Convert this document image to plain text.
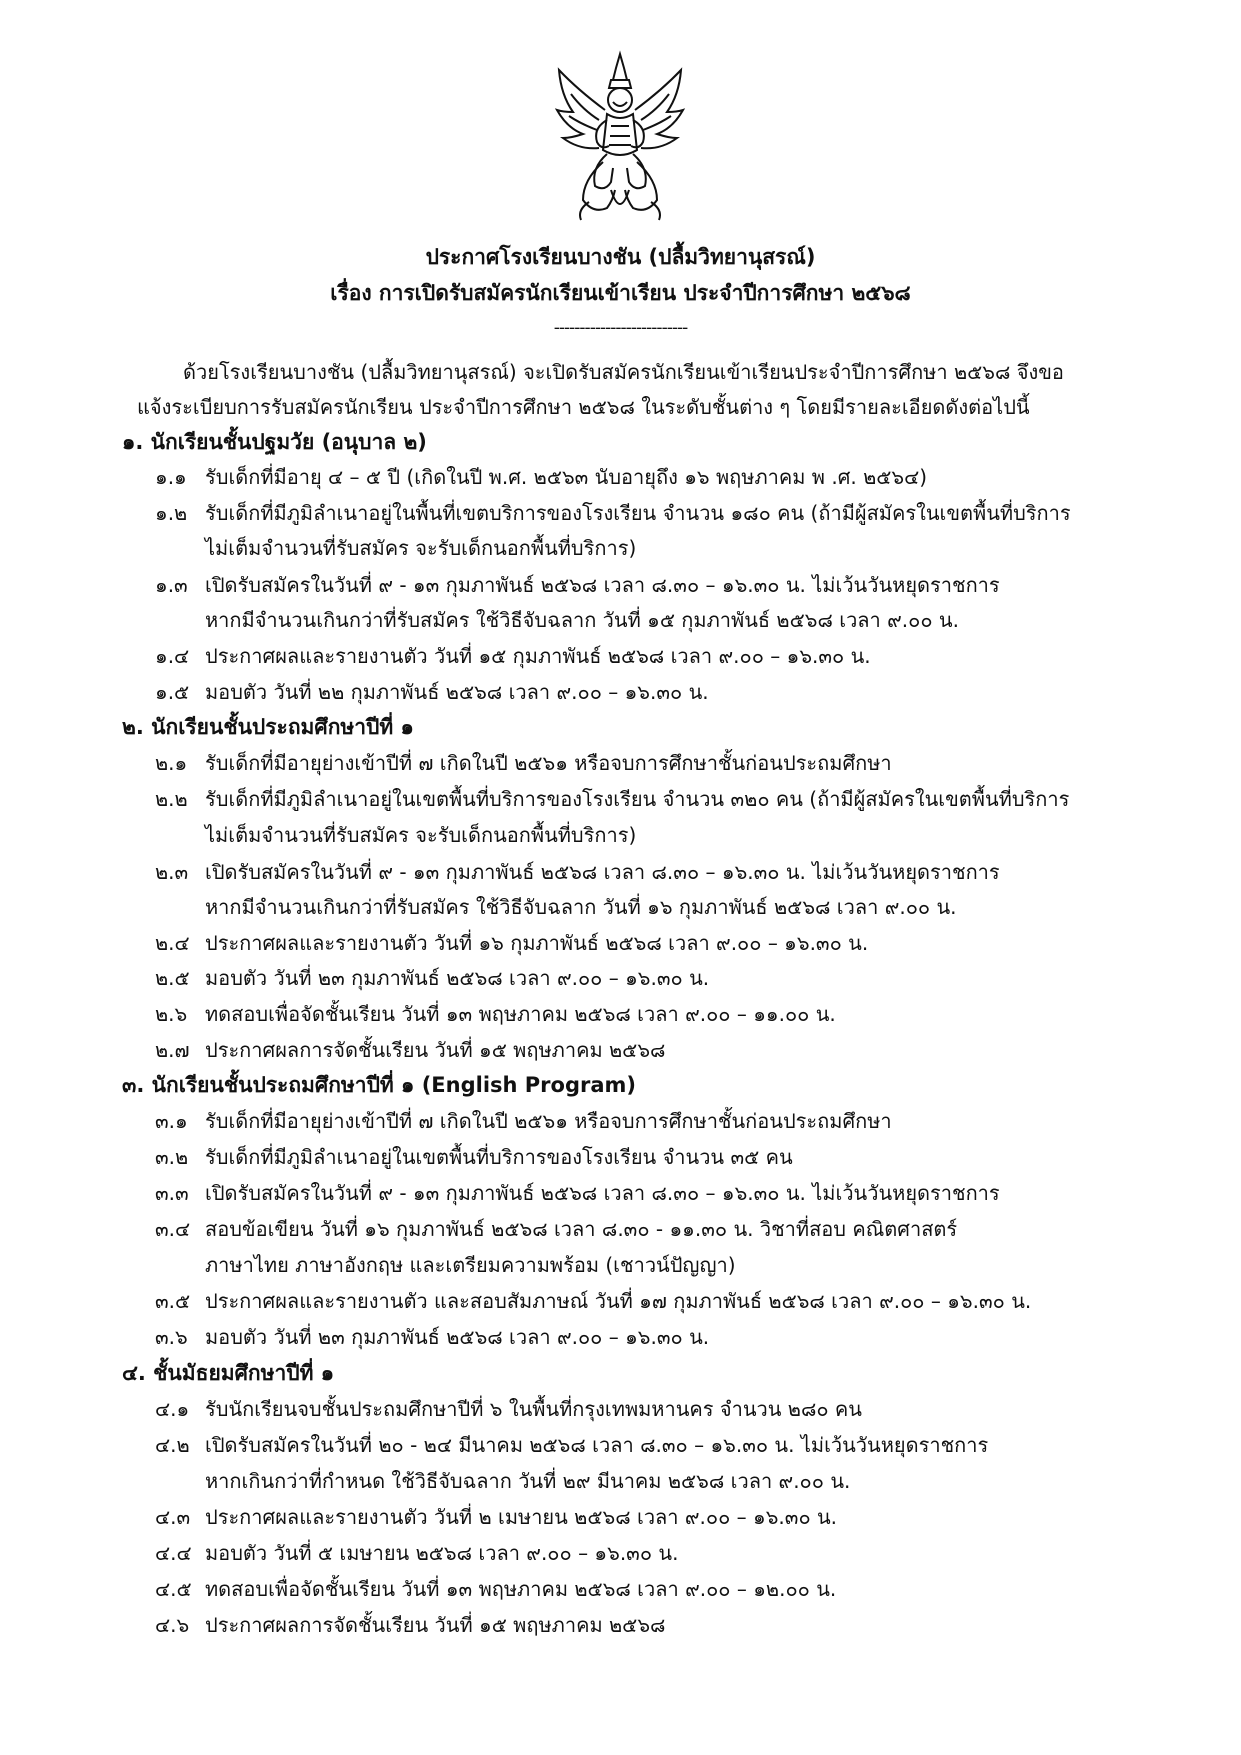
ประกาศโรงเรียนบางชัน (ปลื้มวิทยานุสรณ์)
เรื่อง การเปิดรับสมัครนักเรียนเข้าเรียน ประจำปีการศึกษา ๒๕๖๘
--------------------------
ด้วยโรงเรียนบางชัน (ปลื้มวิทยานุสรณ์) จะเปิดรับสมัครนักเรียนเข้าเรียนประจำปีการศึกษา ๒๕๖๘ จึงขอ
แจ้งระเบียบการรับสมัครนักเรียน ประจำปีการศึกษา ๒๕๖๘ ในระดับชั้นต่าง ๆ โดยมีรายละเอียดดังต่อไปนี้
๑. นักเรียนชั้นปฐมวัย (อนุบาล ๒)
๑.๑ รับเด็กที่มีอายุ ๔ – ๕ ปี (เกิดในปี พ.ศ. ๒๕๖๓ นับอายุถึง ๑๖ พฤษภาคม พ .ศ. ๒๕๖๔)
๑.๒ รับเด็กที่มีภูมิลำเนาอยู่ในพื้นที่เขตบริการของโรงเรียน จำนวน ๑๘๐ คน (ถ้ามีผู้สมัครในเขตพื้นที่บริการ
ไม่เต็มจำนวนที่รับสมัคร จะรับเด็กนอกพื้นที่บริการ)
๑.๓ เปิดรับสมัครในวันที่ ๙ - ๑๓ กุมภาพันธ์ ๒๕๖๘ เวลา ๘.๓๐ – ๑๖.๓๐ น. ไม่เว้นวันหยุดราชการ
หากมีจำนวนเกินกว่าที่รับสมัคร ใช้วิธีจับฉลาก วันที่ ๑๕ กุมภาพันธ์ ๒๕๖๘ เวลา ๙.๐๐ น.
๑.๔ ประกาศผลและรายงานตัว วันที่ ๑๕ กุมภาพันธ์ ๒๕๖๘ เวลา ๙.๐๐ – ๑๖.๓๐ น.
๑.๕ มอบตัว วันที่ ๒๒ กุมภาพันธ์ ๒๕๖๘ เวลา ๙.๐๐ – ๑๖.๓๐ น.
๒. นักเรียนชั้นประถมศึกษาปีที่ ๑
๒.๑ รับเด็กที่มีอายุย่างเข้าปีที่ ๗ เกิดในปี ๒๕๖๑ หรือจบการศึกษาชั้นก่อนประถมศึกษา
๒.๒ รับเด็กที่มีภูมิลำเนาอยู่ในเขตพื้นที่บริการของโรงเรียน จำนวน ๓๒๐ คน (ถ้ามีผู้สมัครในเขตพื้นที่บริการ
ไม่เต็มจำนวนที่รับสมัคร จะรับเด็กนอกพื้นที่บริการ)
๒.๓ เปิดรับสมัครในวันที่ ๙ - ๑๓ กุมภาพันธ์ ๒๕๖๘ เวลา ๘.๓๐ – ๑๖.๓๐ น. ไม่เว้นวันหยุดราชการ
หากมีจำนวนเกินกว่าที่รับสมัคร ใช้วิธีจับฉลาก วันที่ ๑๖ กุมภาพันธ์ ๒๕๖๘ เวลา ๙.๐๐ น.
๒.๔ ประกาศผลและรายงานตัว วันที่ ๑๖ กุมภาพันธ์ ๒๕๖๘ เวลา ๙.๐๐ – ๑๖.๓๐ น.
๒.๕ มอบตัว วันที่ ๒๓ กุมภาพันธ์ ๒๕๖๘ เวลา ๙.๐๐ – ๑๖.๓๐ น.
๒.๖ ทดสอบเพื่อจัดชั้นเรียน วันที่ ๑๓ พฤษภาคม ๒๕๖๘ เวลา ๙.๐๐ – ๑๑.๐๐ น.
๒.๗ ประกาศผลการจัดชั้นเรียน วันที่ ๑๕ พฤษภาคม ๒๕๖๘
๓. นักเรียนชั้นประถมศึกษาปีที่ ๑ (English Program)
๓.๑ รับเด็กที่มีอายุย่างเข้าปีที่ ๗ เกิดในปี ๒๕๖๑ หรือจบการศึกษาชั้นก่อนประถมศึกษา
๓.๒ รับเด็กที่มีภูมิลำเนาอยู่ในเขตพื้นที่บริการของโรงเรียน จำนวน ๓๕ คน
๓.๓ เปิดรับสมัครในวันที่ ๙ - ๑๓ กุมภาพันธ์ ๒๕๖๘ เวลา ๘.๓๐ – ๑๖.๓๐ น. ไม่เว้นวันหยุดราชการ
๓.๔ สอบข้อเขียน วันที่ ๑๖ กุมภาพันธ์ ๒๕๖๘ เวลา ๘.๓๐ - ๑๑.๓๐ น. วิชาที่สอบ คณิตศาสตร์
ภาษาไทย ภาษาอังกฤษ และเตรียมความพร้อม (เชาวน์ปัญญา)
๓.๕ ประกาศผลและรายงานตัว และสอบสัมภาษณ์ วันที่ ๑๗ กุมภาพันธ์ ๒๕๖๘ เวลา ๙.๐๐ – ๑๖.๓๐ น.
๓.๖ มอบตัว วันที่ ๒๓ กุมภาพันธ์ ๒๕๖๘ เวลา ๙.๐๐ – ๑๖.๓๐ น.
๔. ชั้นมัธยมศึกษาปีที่ ๑
๔.๑ รับนักเรียนจบชั้นประถมศึกษาปีที่ ๖ ในพื้นที่กรุงเทพมหานคร จำนวน ๒๘๐ คน
๔.๒ เปิดรับสมัครในวันที่ ๒๐ - ๒๔ มีนาคม ๒๕๖๘ เวลา ๘.๓๐ – ๑๖.๓๐ น. ไม่เว้นวันหยุดราชการ
หากเกินกว่าที่กำหนด ใช้วิธีจับฉลาก วันที่ ๒๙ มีนาคม ๒๕๖๘ เวลา ๙.๐๐ น.
๔.๓ ประกาศผลและรายงานตัว วันที่ ๒ เมษายน ๒๕๖๘ เวลา ๙.๐๐ – ๑๖.๓๐ น.
๔.๔ มอบตัว วันที่ ๕ เมษายน ๒๕๖๘ เวลา ๙.๐๐ – ๑๖.๓๐ น.
๔.๕ ทดสอบเพื่อจัดชั้นเรียน วันที่ ๑๓ พฤษภาคม ๒๕๖๘ เวลา ๙.๐๐ – ๑๒.๐๐ น.
๔.๖ ประกาศผลการจัดชั้นเรียน วันที่ ๑๕ พฤษภาคม ๒๕๖๘
